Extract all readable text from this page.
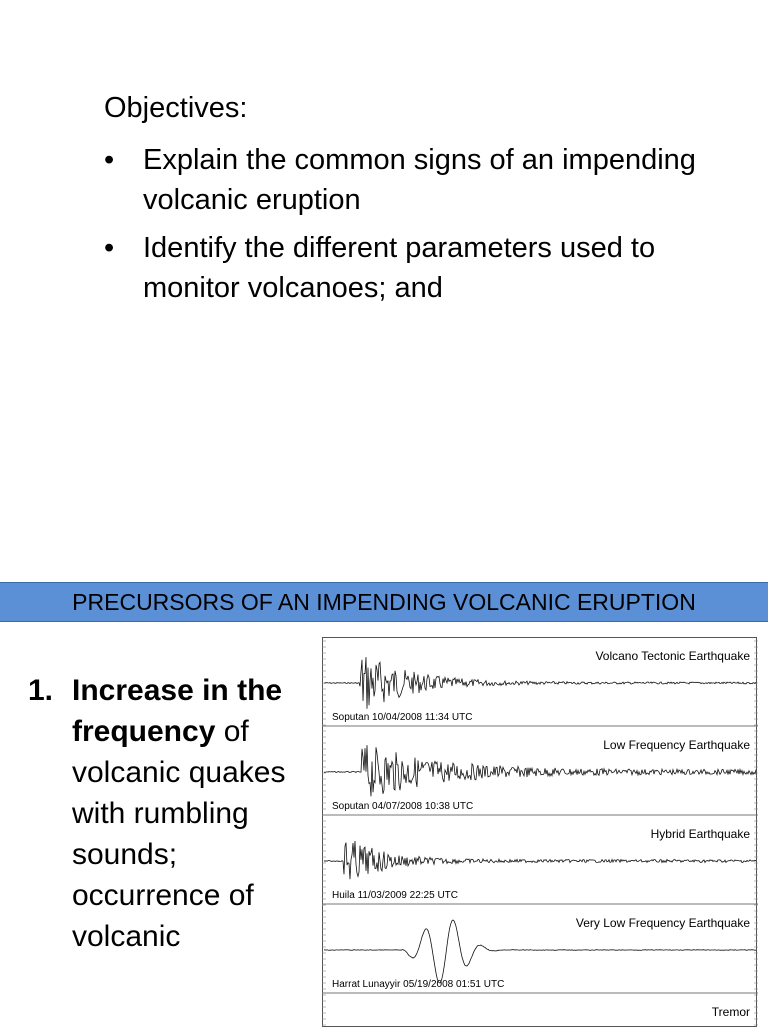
Objectives:
• Explain the common signs of an impending volcanic eruption
• Identify the different parameters used to monitor volcanoes; and
PRECURSORS OF AN IMPENDING VOLCANIC ERUPTION
1. Increase in the frequency of volcanic quakes with rumbling sounds; occurrence of volcanic
Volcano Tectonic Earthquake
Soputan 10/04/2008 11:34 UTC
Low Frequency Earthquake
Soputan 04/07/2008 10:38 UTC
Hybrid Earthquake
Huila 11/03/2009 22:25 UTC
Very Low Frequency Earthquake
Harrat Lunayyir 05/19/2008 01:51 UTC
Tremor
